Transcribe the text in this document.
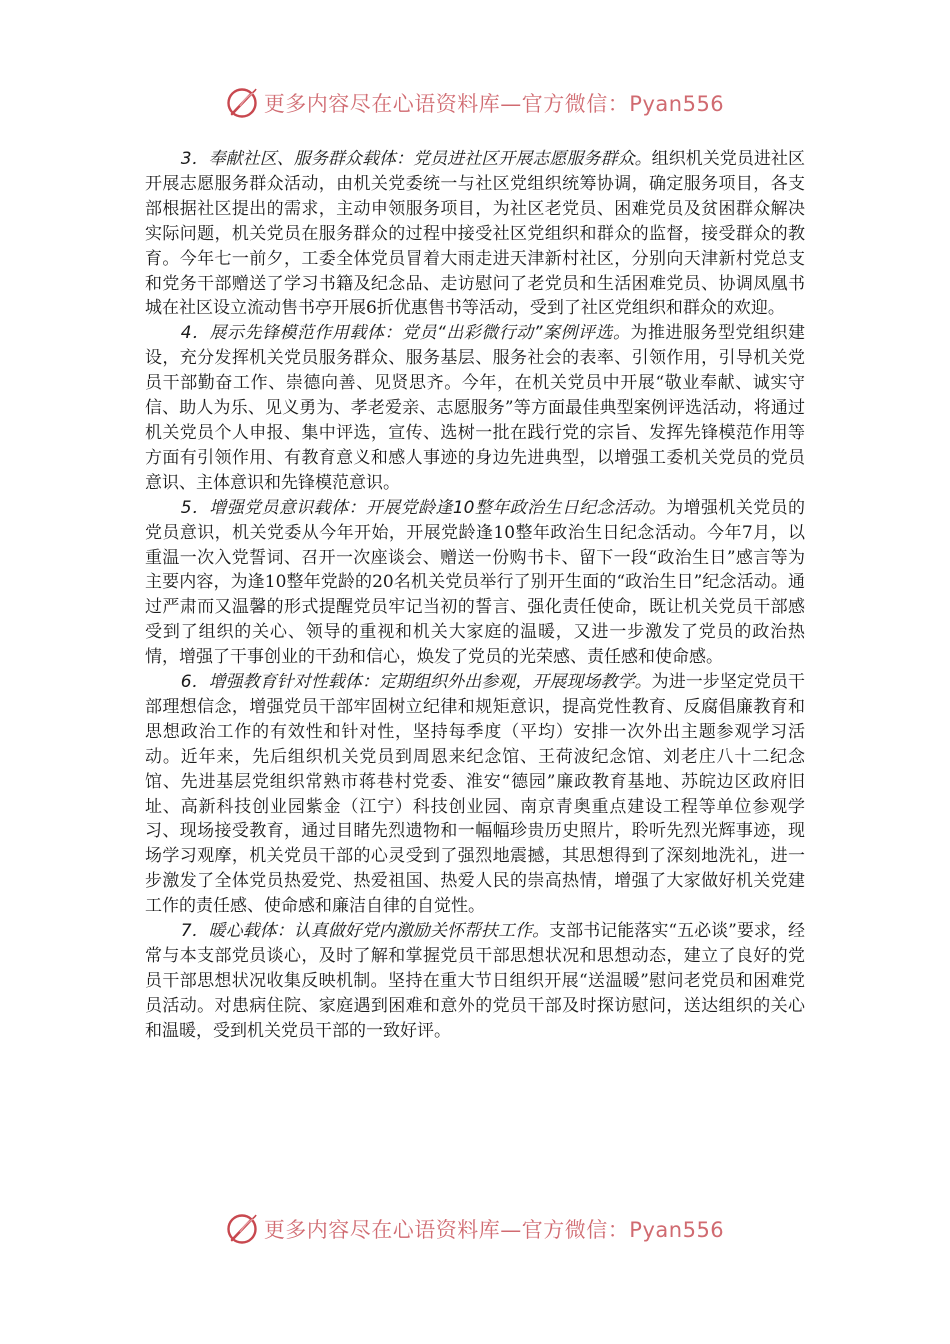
更多内容尽在心语资料库—官方微信：Pyan556

3．奉献社区、服务群众载体：党员进社区开展志愿服务群众。组织机关党员进社区开展志愿服务群众活动，由机关党委统一与社区党组织统筹协调，确定服务项目，各支部根据社区提出的需求，主动申领服务项目，为社区老党员、困难党员及贫困群众解决实际问题，机关党员在服务群众的过程中接受社区党组织和群众的监督，接受群众的教育。今年七一前夕，工委全体党员冒着大雨走进天津新村社区，分别向天津新村党总支和党务干部赠送了学习书籍及纪念品、走访慰问了老党员和生活困难党员、协调凤凰书城在社区设立流动售书亭开展6折优惠售书等活动，受到了社区党组织和群众的欢迎。

4．展示先锋模范作用载体：党员“出彩微行动”案例评选。为推进服务型党组织建设，充分发挥机关党员服务群众、服务基层、服务社会的表率、引领作用，引导机关党员干部勤奋工作、崇德向善、见贤思齐。今年，在机关党员中开展“敬业奉献、诚实守信、助人为乐、见义勇为、孝老爱亲、志愿服务”等方面最佳典型案例评选活动，将通过机关党员个人申报、集中评选，宣传、选树一批在践行党的宗旨、发挥先锋模范作用等方面有引领作用、有教育意义和感人事迹的身边先进典型，以增强工委机关党员的党员意识、主体意识和先锋模范意识。

5．增强党员意识载体：开展党龄逢10整年政治生日纪念活动。为增强机关党员的党员意识，机关党委从今年开始，开展党龄逢10整年政治生日纪念活动。今年7月，以重温一次入党誓词、召开一次座谈会、赠送一份购书卡、留下一段“政治生日”感言等为主要内容，为逢10整年党龄的20名机关党员举行了别开生面的“政治生日”纪念活动。通过严肃而又温馨的形式提醒党员牢记当初的誓言、强化责任使命，既让机关党员干部感受到了组织的关心、领导的重视和机关大家庭的温暖，又进一步激发了党员的政治热情，增强了干事创业的干劲和信心，焕发了党员的光荣感、责任感和使命感。

6．增强教育针对性载体：定期组织外出参观，开展现场教学。为进一步坚定党员干部理想信念，增强党员干部牢固树立纪律和规矩意识，提高党性教育、反腐倡廉教育和思想政治工作的有效性和针对性，坚持每季度（平均）安排一次外出主题参观学习活动。近年来，先后组织机关党员到周恩来纪念馆、王荷波纪念馆、刘老庄八十二纪念馆、先进基层党组织常熟市蒋巷村党委、淮安“德园”廉政教育基地、苏皖边区政府旧址、高新科技创业园紫金（江宁）科技创业园、南京青奥重点建设工程等单位参观学习、现场接受教育，通过目睹先烈遗物和一幅幅珍贵历史照片，聆听先烈光辉事迹，现场学习观摩，机关党员干部的心灵受到了强烈地震撼，其思想得到了深刻地洗礼，进一步激发了全体党员热爱党、热爱祖国、热爱人民的崇高热情，增强了大家做好机关党建工作的责任感、使命感和廉洁自律的自觉性。

7．暖心载体：认真做好党内激励关怀帮扶工作。支部书记能落实“五必谈”要求，经常与本支部党员谈心，及时了解和掌握党员干部思想状况和思想动态，建立了良好的党员干部思想状况收集反映机制。坚持在重大节日组织开展“送温暖”慰问老党员和困难党员活动。对患病住院、家庭遇到困难和意外的党员干部及时探访慰问，送达组织的关心和温暖，受到机关党员干部的一致好评。

更多内容尽在心语资料库—官方微信：Pyan556
